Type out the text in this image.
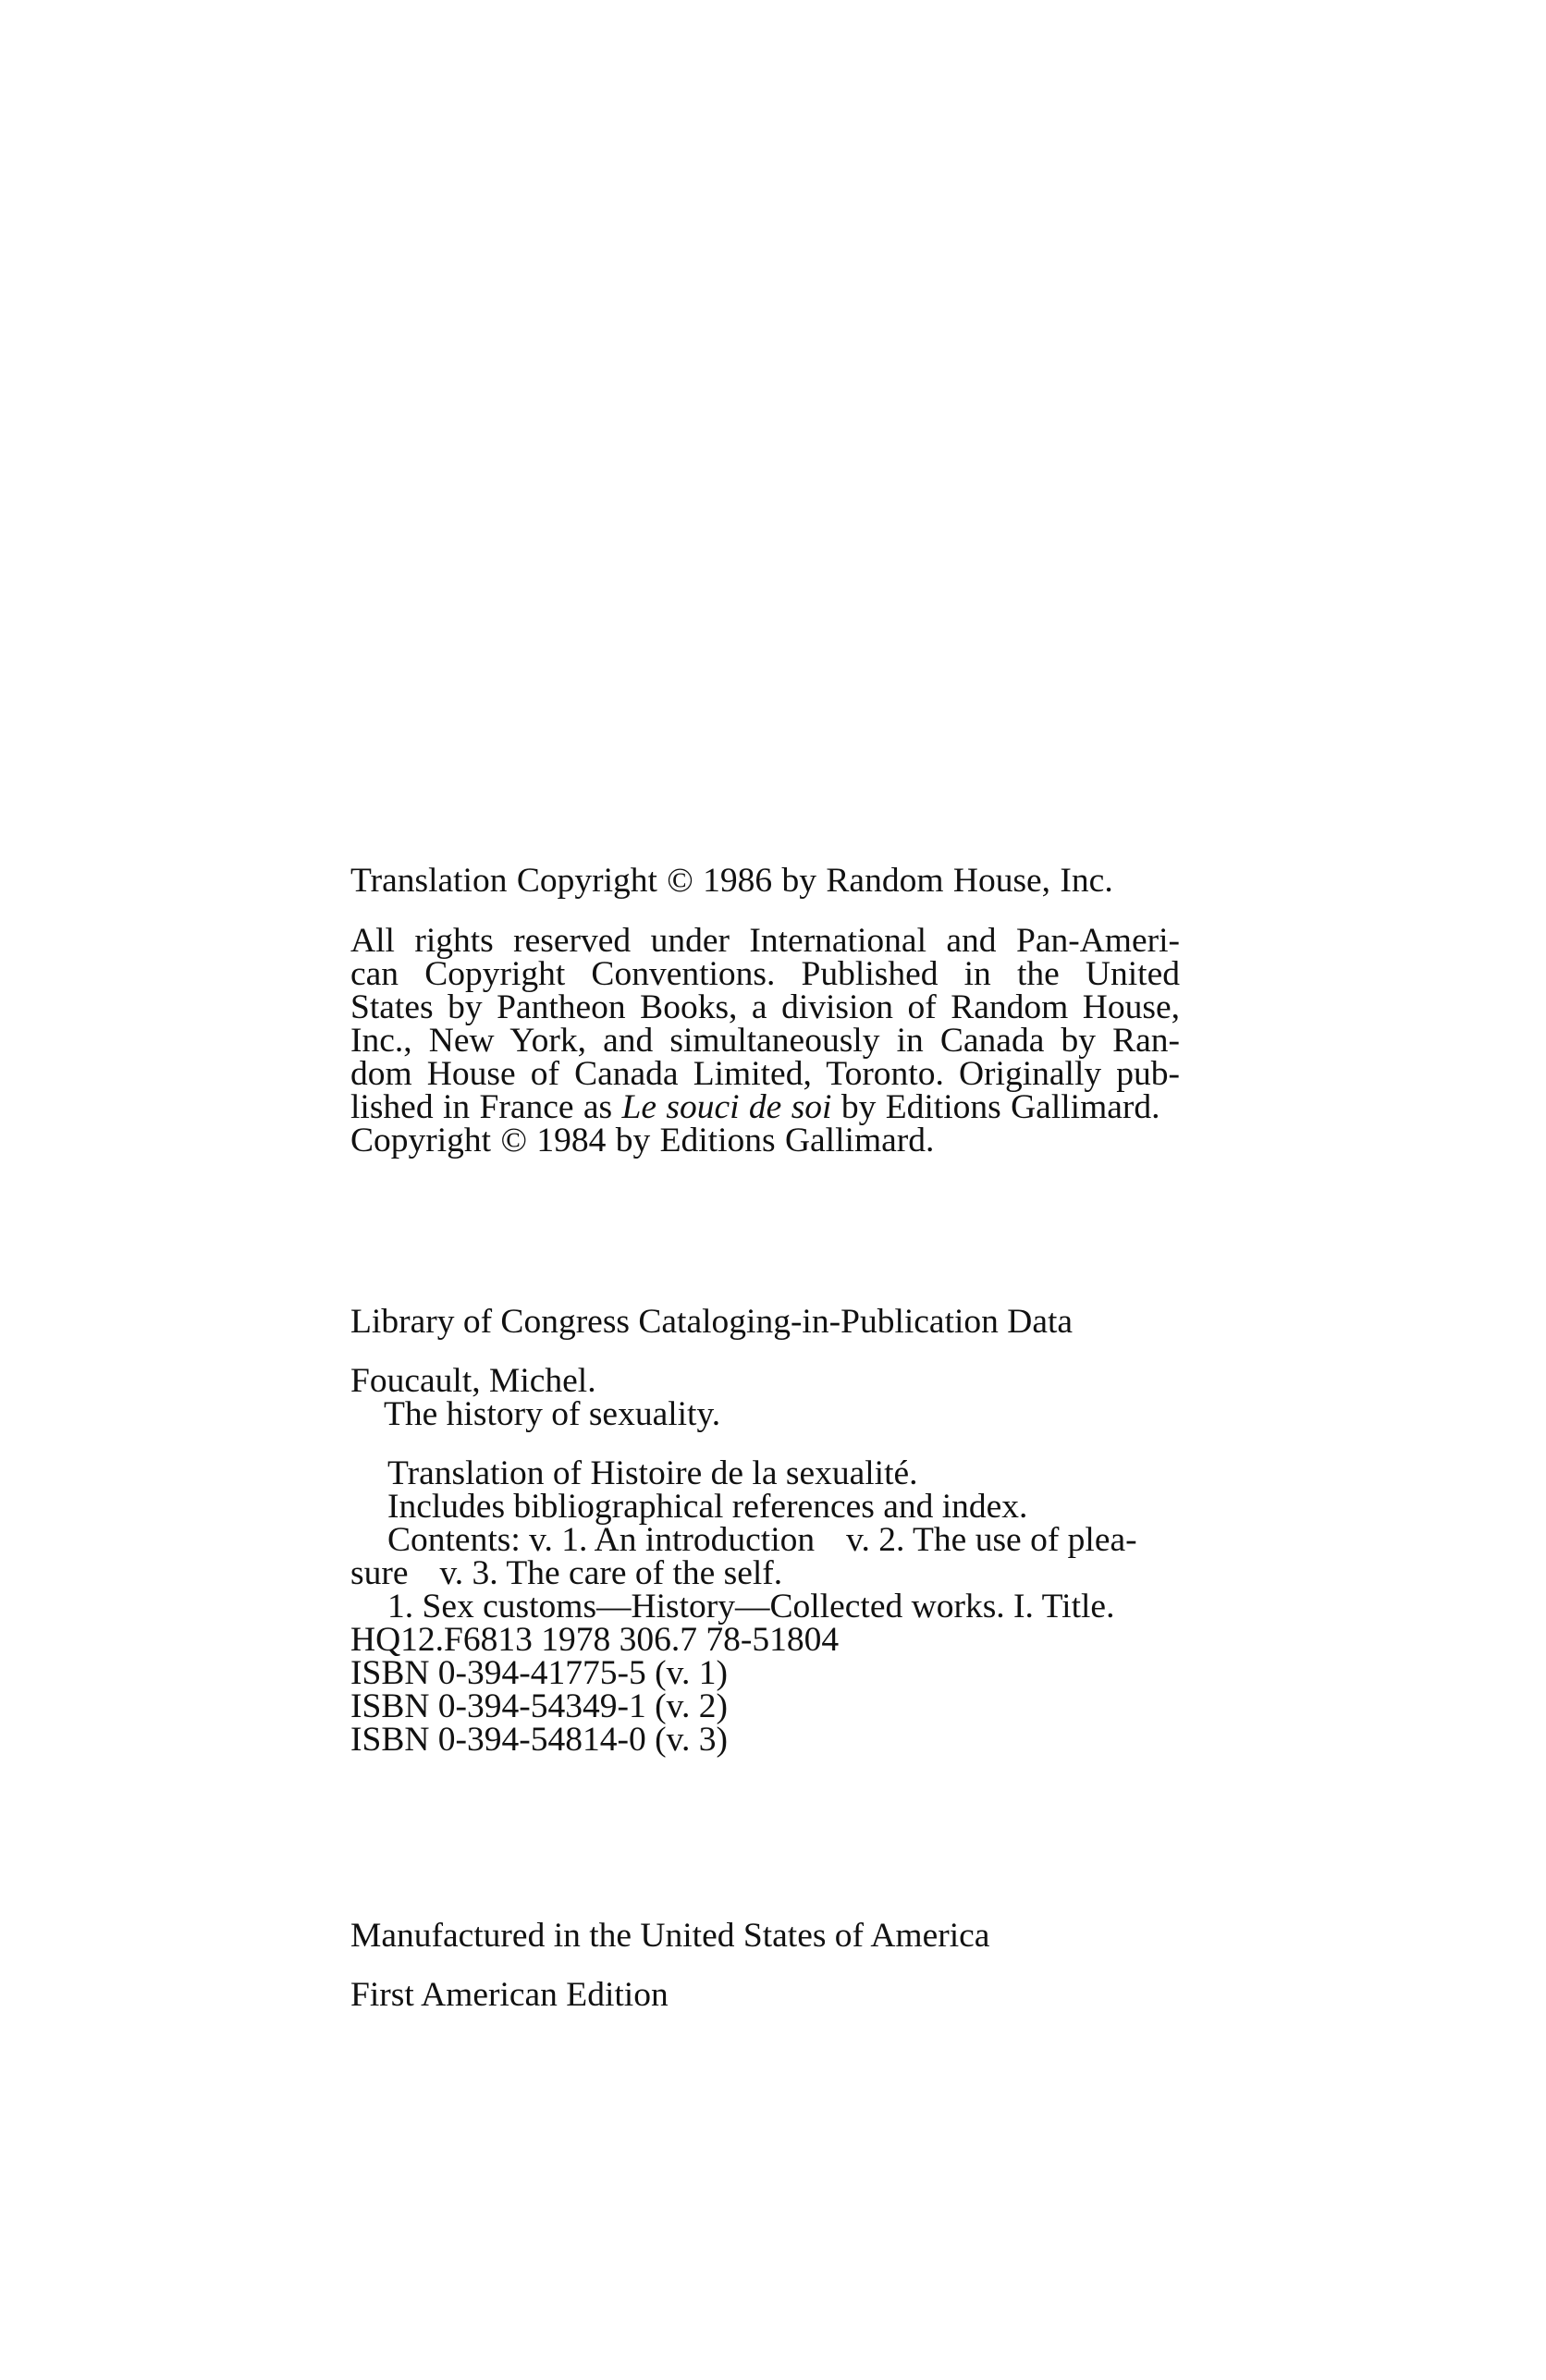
Translation Copyright © 1986 by Random House, Inc.

All rights reserved under International and Pan-Ameri-

can Copyright Conventions. Published in the United

States by Pantheon Books, a division of Random House,

Inc., New York, and simultaneously in Canada by Ran-

dom House of Canada Limited, Toronto. Originally pub-

lished in France as Le souci de soi by Editions Gallimard.

Copyright © 1984 by Editions Gallimard.

Library of Congress Cataloging-in-Publication Data

Foucault, Michel.

The history of sexuality.

Translation of Histoire de la sexualité.

Includes bibliographical references and index.

Contents: v. 1. An introduction v. 2. The use of plea-

sure v. 3. The care of the self.

1. Sex customs—History—Collected works. I. Title.

HQ12.F6813 1978 306.7 78-51804

ISBN 0-394-41775-5 (v. 1)

ISBN 0-394-54349-1 (v. 2)

ISBN 0-394-54814-0 (v. 3)

Manufactured in the United States of America

First American Edition
